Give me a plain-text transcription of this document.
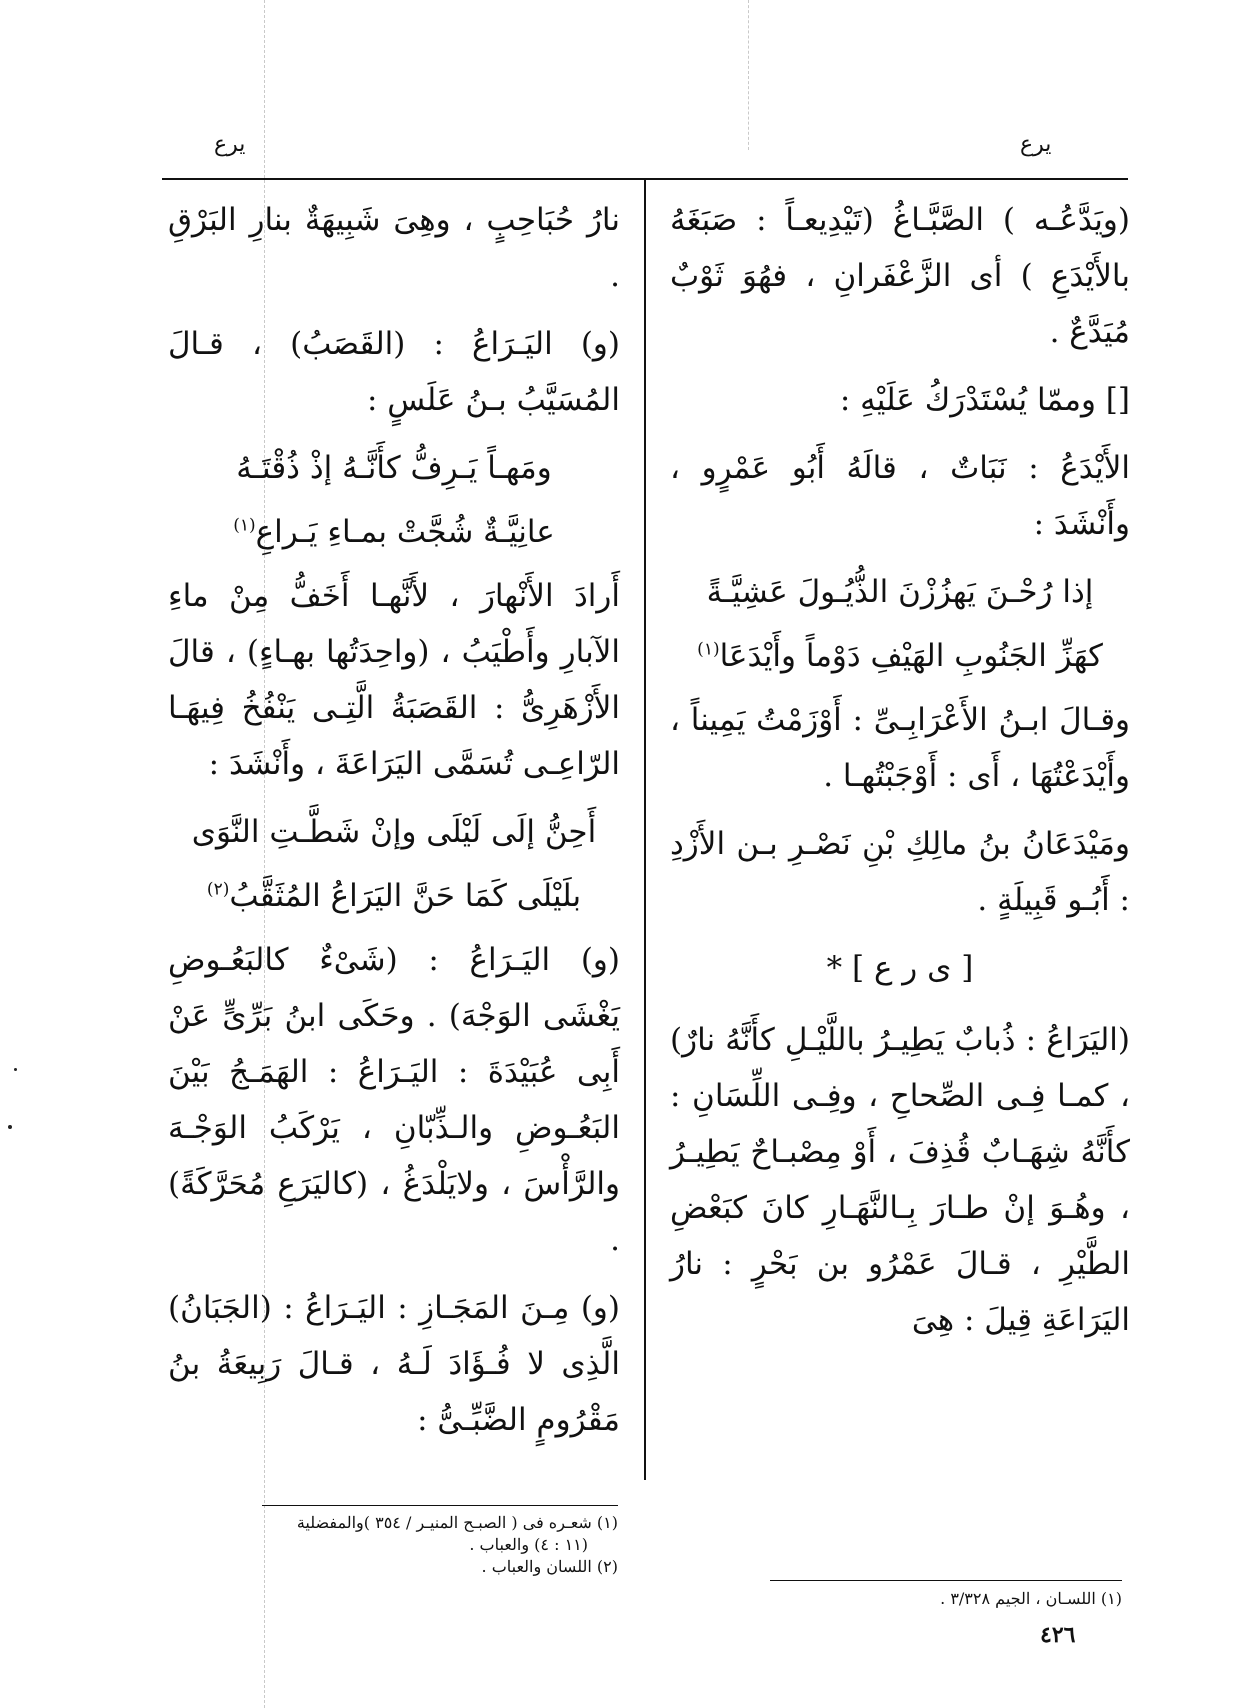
يرع
يرع

(ويَدَّعُـه ) الصَّبَّـاغُ (تَيْدِيعـاً : صَبَغَهُ بالأَيْدَعِ ) أى الزَّعْفَرانِ ، فهُوَ ثَوْبٌ مُيَدَّعٌ .

[] وممّا يُسْتَدْرَكُ عَلَيْهِ :

الأَيْدَعُ : نَبَاتٌ ، قالَهُ أَبُو عَمْرٍو ، وأَنْشَدَ :

إذا رُحْـنَ يَهزُزْنَ الذُّيُـولَ عَشِيَّـةً
كهَزِّ الجَنُوبِ الهَيْفِ دَوْماً وأَيْدَعَا$^{(١)}$

وقـالَ ابـنُ الأَعْرَابِـىِّ : أَوْزَمْتُ يَمِيناً ، وأَيْدَعْتُهَا ، أَى : أَوْجَبْتُهـا .

ومَيْدَعَانُ بنُ مالِكِ بْنِ نَصْـرِ بـن الأَزْدِ : أَبُـو قَبِيلَةٍ .

[ ى ر ع ] *

(اليَرَاعُ : ذُبابٌ يَطِيـرُ باللَّيْـلِ كأَنَّهُ نارٌ) ، كمـا فِـى الصِّحاحِ ، وفِـى اللِّسَانِ : كأَنَّهُ شِهَـابٌ قُذِفَ ، أَوْ مِصْبـاحٌ يَطِيـرُ ، وهُـوَ إنْ طـارَ بِـالنَّهَـارِ كانَ كبَعْضِ الطَّيْرِ ، قـالَ عَمْرُو بن بَحْرٍ : نارُ اليَرَاعَةِ قِيلَ : هِىَ

نارُ حُبَاحِبٍ ، وهِىَ شَبِيهَةٌ بنارِ البَرْقِ .

(و) اليَـرَاعُ : (القَصَبُ) ، قـالَ المُسَيَّبُ بـنُ عَلَسٍ :

ومَهـاً يَـرِفُّ كأَنَّـهُ إذْ ذُقْتَـهُ
عانِيَّـةٌ شُجَّتْ بمـاءِ يَـراعِ$^{(١)}$

أَرادَ الأَنْهارَ ، لأَنَّهـا أَخَفُّ مِنْ ماءِ الآبارِ وأَطْيَبُ ، (واحِدَتُها بهـاءٍ) ، قالَ الأَزْهَرِىُّ : القَصَبَةُ الَّتِـى يَنْفُخُ فِيهَـا الرّاعِـى تُسَمَّى اليَرَاعَةَ ، وأَنْشَدَ :

أَحِنُّ إلَى لَيْلَى وإنْ شَطَّـتِ النَّوَى
بلَيْلَى كَمَا حَنَّ اليَرَاعُ المُثَقَّبُ$^{(٢)}$

(و) اليَـرَاعُ : (شَىْءٌ كالبَعُـوضِ يَغْشَى الوَجْهَ) . وحَكَى ابنُ بَرِّىٍّ عَنْ أَبِى عُبَيْدَةَ : اليَـرَاعُ : الهَمَـجُ بَيْنَ البَعُـوضِ والـذِّبّانِ ، يَرْكَبُ الوَجْـهَ والرَّأْسَ ، ولايَلْدَغُ ، (كاليَرَعِ مُحَرَّكَةً) .

(و) مِـنَ المَجَـازِ : اليَـرَاعُ : (الجَبَانُ) الَّذِى لا فُـؤَادَ لَـهُ ، قـالَ رَبِيعَةُ بنُ مَقْرُومٍ الضَّبِّـىُّ :

(١) شعـره فى ( الصبـح المنيـر / ٣٥٤ )والمفضلية
(١١ : ٤) والعباب .
(٢) اللسان والعباب .
(١) اللسـان ، الجيم ٣/٣٢٨ .
٤٢٦
